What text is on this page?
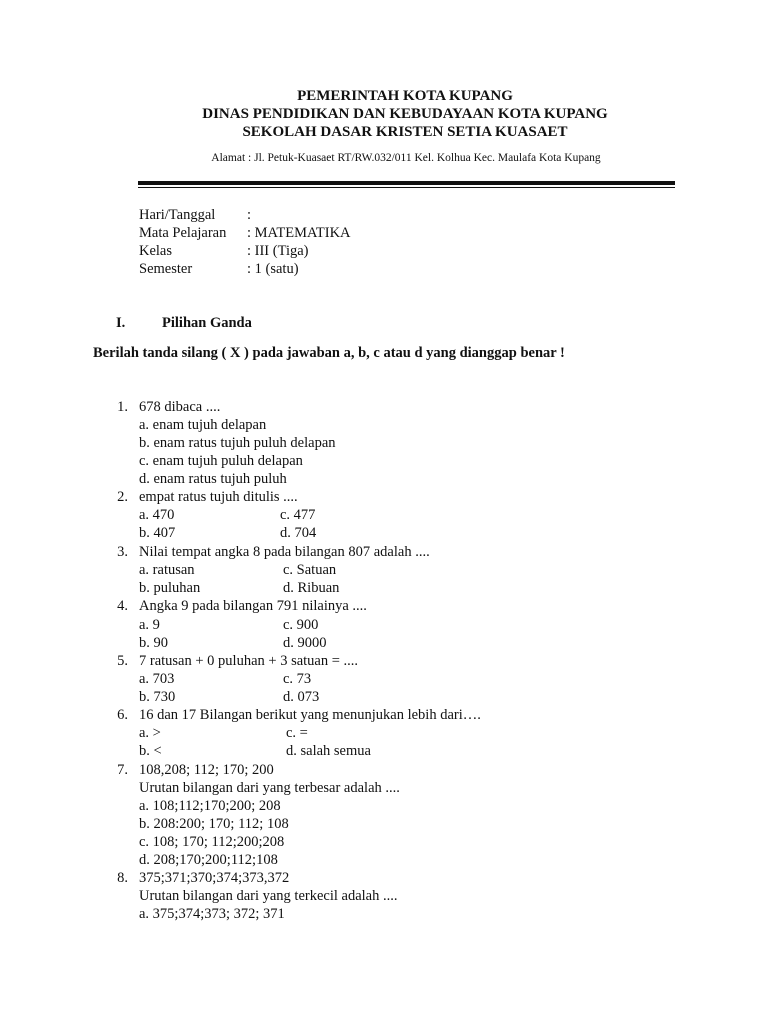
PEMERINTAH KOTA KUPANG
DINAS PENDIDIKAN DAN KEBUDAYAAN KOTA KUPANG
SEKOLAH DASAR KRISTEN SETIA KUASAET
Alamat : Jl. Petuk-Kuasaet RT/RW.032/011 Kel. Kolhua Kec. Maulafa Kota Kupang
Hari/Tanggal :
Mata Pelajaran : MATEMATIKA
Kelas	: III (Tiga)
Semester	: 1 (satu)
I.	Pilihan Ganda
Berilah tanda silang ( X ) pada jawaban a, b, c atau d yang dianggap benar !
1. 678 dibaca ....
a. enam tujuh delapan
b. enam ratus tujuh puluh delapan
c. enam tujuh puluh delapan
d. enam ratus tujuh puluh
2. empat ratus tujuh ditulis ....
a. 470	c. 477
b. 407	d. 704
3. Nilai tempat angka 8 pada bilangan 807 adalah ....
a. ratusan	c. Satuan
b. puluhan	d. Ribuan
4. Angka 9 pada bilangan 791 nilainya ....
a. 9	c. 900
b. 90	d. 9000
5. 7 ratusan + 0 puluhan + 3 satuan = ....
a. 703	c. 73
b. 730	d. 073
6. 16 dan 17 Bilangan berikut yang menunjukan lebih dari….
a. >	c. =
b. <	d. salah semua
7. 108,208; 112; 170; 200
Urutan bilangan dari yang terbesar adalah ....
a. 108;112;170;200; 208
b. 208:200; 170; 112; 108
c. 108; 170; 112;200;208
d. 208;170;200;112;108
8. 375;371;370;374;373,372
Urutan bilangan dari yang terkecil adalah ....
a. 375;374;373; 372; 371
